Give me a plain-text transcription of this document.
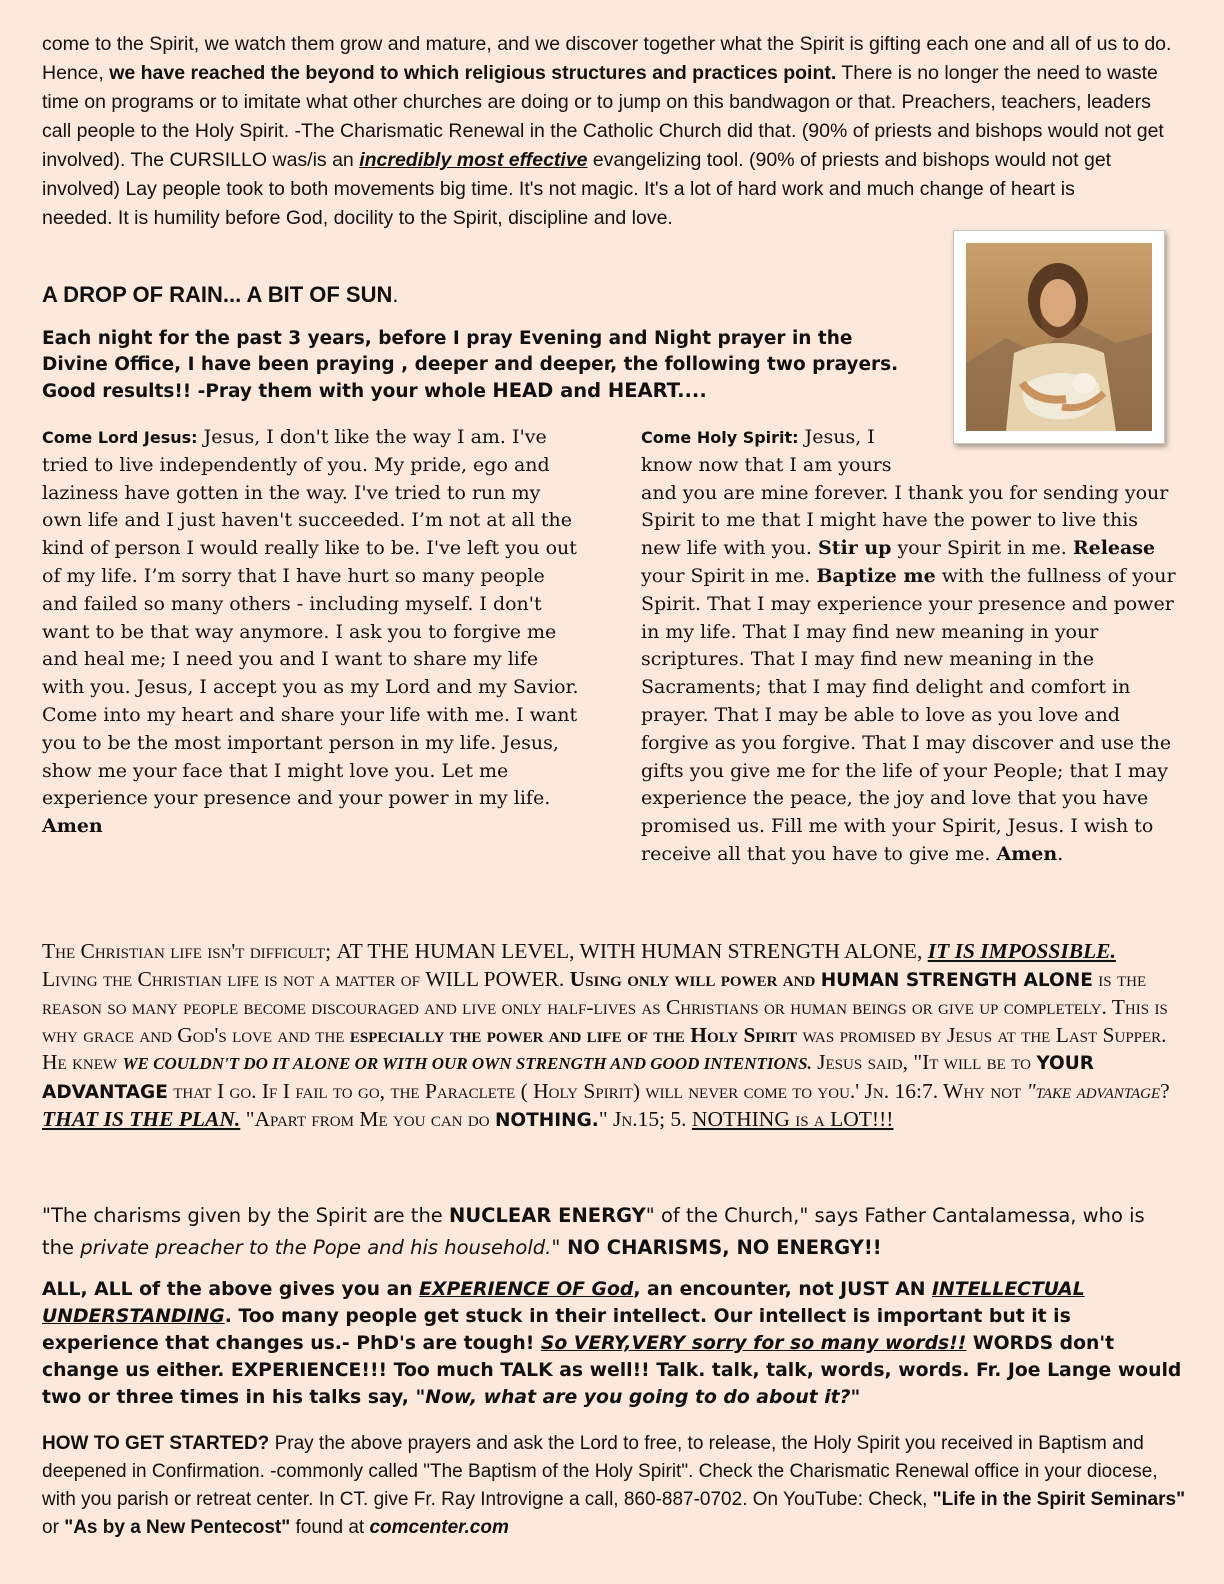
come to the Spirit, we watch them grow and mature, and we discover together what the Spirit is gifting each one and all of us to do. Hence, we have reached the beyond to which religious structures and practices point. There is no longer the need to waste time on programs or to imitate what other churches are doing or to jump on this bandwagon or that. Preachers, teachers, leaders call people to the Holy Spirit. -The Charismatic Renewal in the Catholic Church did that. (90% of priests and bishops would not get involved). The CURSILLO was/is an incredibly most effective evangelizing tool. (90% of priests and bishops would not get involved) Lay people took to both movements big time. It's not magic. It's a lot of hard work and much change of heart is

needed. It is humility before God, docility to the Spirit, discipline and love.

A DROP OF RAIN... A BIT OF SUN.

Each night for the past 3 years, before I pray Evening and Night prayer in the Divine Office, I have been praying , deeper and deeper, the following two prayers. Good results!! -Pray them with your whole HEAD and HEART....

Come Lord Jesus: Jesus, I don't like the way I am. I've tried to live independently of you. My pride, ego and laziness have gotten in the way. I've tried to run my own life and I just haven't succeeded. I’m not at all the kind of person I would really like to be. I've left you out of my life. I’m sorry that I have hurt so many people and failed so many others - including myself. I don't want to be that way anymore. I ask you to forgive me and heal me; I need you and I want to share my life with you. Jesus, I accept you as my Lord and my Savior. Come into my heart and share your life with me. I want you to be the most important person in my life. Jesus, show me your face that I might love you. Let me experience your presence and your power in my life. Amen

Come Holy Spirit: Jesus, I
know now that I am yours
and you are mine forever. I thank you for sending your Spirit to me that I might have the power to live this new life with you. Stir up your Spirit in me. Release your Spirit in me. Baptize me with the fullness of your Spirit. That I may experience your presence and power in my life. That I may find new meaning in your scriptures. That I may find new meaning in the Sacraments; that I may find delight and comfort in prayer. That I may be able to love as you love and forgive as you forgive. That I may discover and use the gifts you give me for the life of your People; that I may experience the peace, the joy and love that you have promised us. Fill me with your Spirit, Jesus. I wish to receive all that you have to give me. Amen.

The Christian life isn't difficult; AT THE HUMAN LEVEL, WITH HUMAN STRENGTH ALONE, IT IS IMPOSSIBLE. Living the Christian life is not a matter of WILL POWER. Using only will power and HUMAN STRENGTH ALONE is the reason so many people become discouraged and live only half-lives as Christians or human beings or give up completely. This is why grace and God's love and the especially the power and life of the Holy Spirit was promised by Jesus at the Last Supper. He knew WE COULDN'T DO IT ALONE OR WITH OUR OWN STRENGTH AND GOOD INTENTIONS. Jesus said, "It will be to YOUR ADVANTAGE that I go. If I fail to go, the Paraclete ( Holy Spirit) will never come to you.' Jn. 16:7. Why not "take advantage? THAT IS THE PLAN. "Apart from Me you can do NOTHING." Jn.15; 5. NOTHING is a LOT!!!

"The charisms given by the Spirit are the NUCLEAR ENERGY" of the Church," says Father Cantalamessa, who is the private preacher to the Pope and his household." NO CHARISMS, NO ENERGY!!

ALL, ALL of the above gives you an EXPERIENCE OF God, an encounter, not JUST AN INTELLECTUAL UNDERSTANDING. Too many people get stuck in their intellect. Our intellect is important but it is experience that changes us.- PhD's are tough! So VERY,VERY sorry for so many words!! WORDS don't change us either. EXPERIENCE!!! Too much TALK as well!! Talk. talk, talk, words, words. Fr. Joe Lange would two or three times in his talks say, "Now, what are you going to do about it?"

HOW TO GET STARTED? Pray the above prayers and ask the Lord to free, to release, the Holy Spirit you received in Baptism and deepened in Confirmation. -commonly called "The Baptism of the Holy Spirit". Check the Charismatic Renewal office in your diocese, with you parish or retreat center. In CT. give Fr. Ray Introvigne a call, 860-887-0702. On YouTube: Check, "Life in the Spirit Seminars" or "As by a New Pentecost" found at comcenter.com
